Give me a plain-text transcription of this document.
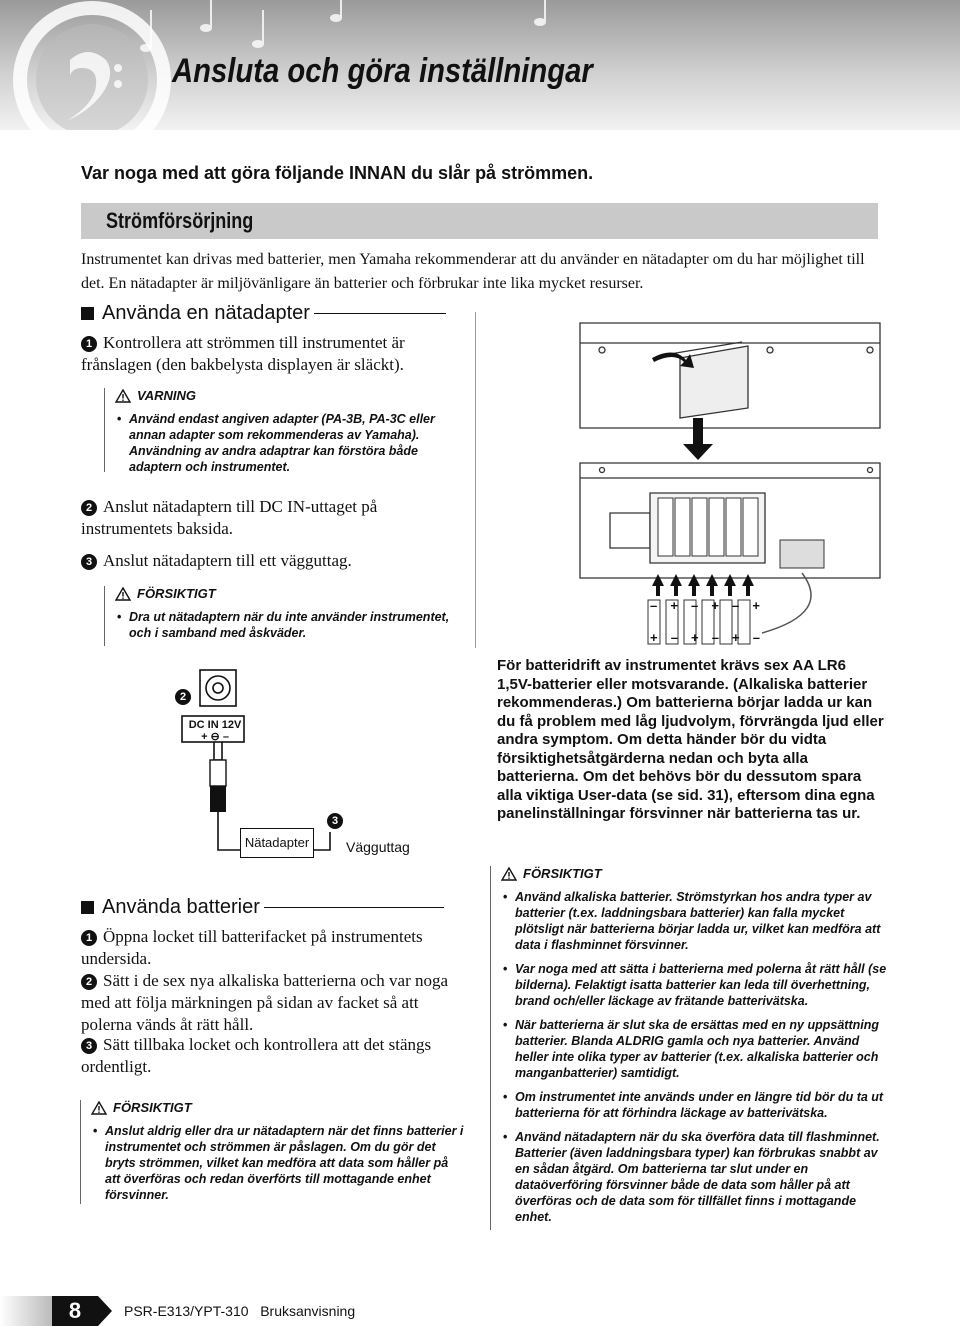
Ansluta och göra inställningar
Var noga med att göra följande INNAN du slår på strömmen.
Strömförsörjning
Instrumentet kan drivas med batterier, men Yamaha rekommenderar att du använder en nätadapter om du har möjlighet till det. En nätadapter är miljövänligare än batterier och förbrukar inte lika mycket resurser.
Använda en nätadapter
1 Kontrollera att strömmen till instrumentet är frånslagen (den bakbelysta displayen är släckt).
VARNING
• Använd endast angiven adapter (PA-3B, PA-3C eller annan adapter som rekommenderas av Yamaha). Användning av andra adaptrar kan förstöra både adaptern och instrumentet.
2 Anslut nätadaptern till DC IN-uttaget på instrumentets baksida.
3 Anslut nätadaptern till ett vägguttag.
FÖRSIKTIGT
• Dra ut nätadaptern när du inte använder instrumentet, och i samband med åskväder.
– + – + – +
+ – + – + –
2
3
DC IN 12V
+ ⊖ –
Nätadapter	Vägguttag
Använda batterier
1 Öppna locket till batterifacket på instrumentets undersida.
2 Sätt i de sex nya alkaliska batterierna och var noga med att följa märkningen på sidan av facket så att polerna vänds åt rätt håll.
3 Sätt tillbaka locket och kontrollera att det stängs ordentligt.
FÖRSIKTIGT
• Anslut aldrig eller dra ur nätadaptern när det finns batterier i instrumentet och strömmen är påslagen. Om du gör det bryts strömmen, vilket kan medföra att data som håller på att överföras och redan överförts till mottagande enhet försvinner.
För batteridrift av instrumentet krävs sex AA LR6 1,5V-batterier eller motsvarande. (Alkaliska batterier rekommenderas.) Om batterierna börjar ladda ur kan du få problem med låg ljudvolym, förvrängda ljud eller andra symptom. Om detta händer bör du vidta försiktighetsåtgärderna nedan och byta alla batterierna. Om det behövs bör du dessutom spara alla viktiga User-data (se sid. 31), eftersom dina egna panelinställningar försvinner när batterierna tas ur.
FÖRSIKTIGT
• Använd alkaliska batterier. Strömstyrkan hos andra typer av batterier (t.ex. laddningsbara batterier) kan falla mycket plötsligt när batterierna börjar ladda ur, vilket kan medföra att data i flashminnet försvinner.
• Var noga med att sätta i batterierna med polerna åt rätt håll (se bilderna). Felaktigt isatta batterier kan leda till överhettning, brand och/eller läckage av frätande batterivätska.
• När batterierna är slut ska de ersättas med en ny uppsättning batterier. Blanda ALDRIG gamla och nya batterier. Använd heller inte olika typer av batterier (t.ex. alkaliska batterier och manganbatterier) samtidigt.
• Om instrumentet inte används under en längre tid bör du ta ut batterierna för att förhindra läckage av batterivätska.
• Använd nätadaptern när du ska överföra data till flashminnet. Batterier (även laddningsbara typer) kan förbrukas snabbt av en sådan åtgärd. Om batterierna tar slut under en dataöverföring försvinner både de data som håller på att överföras och de data som för tillfället finns i mottagande enhet.
8	PSR-E313/YPT-310 Bruksanvisning
